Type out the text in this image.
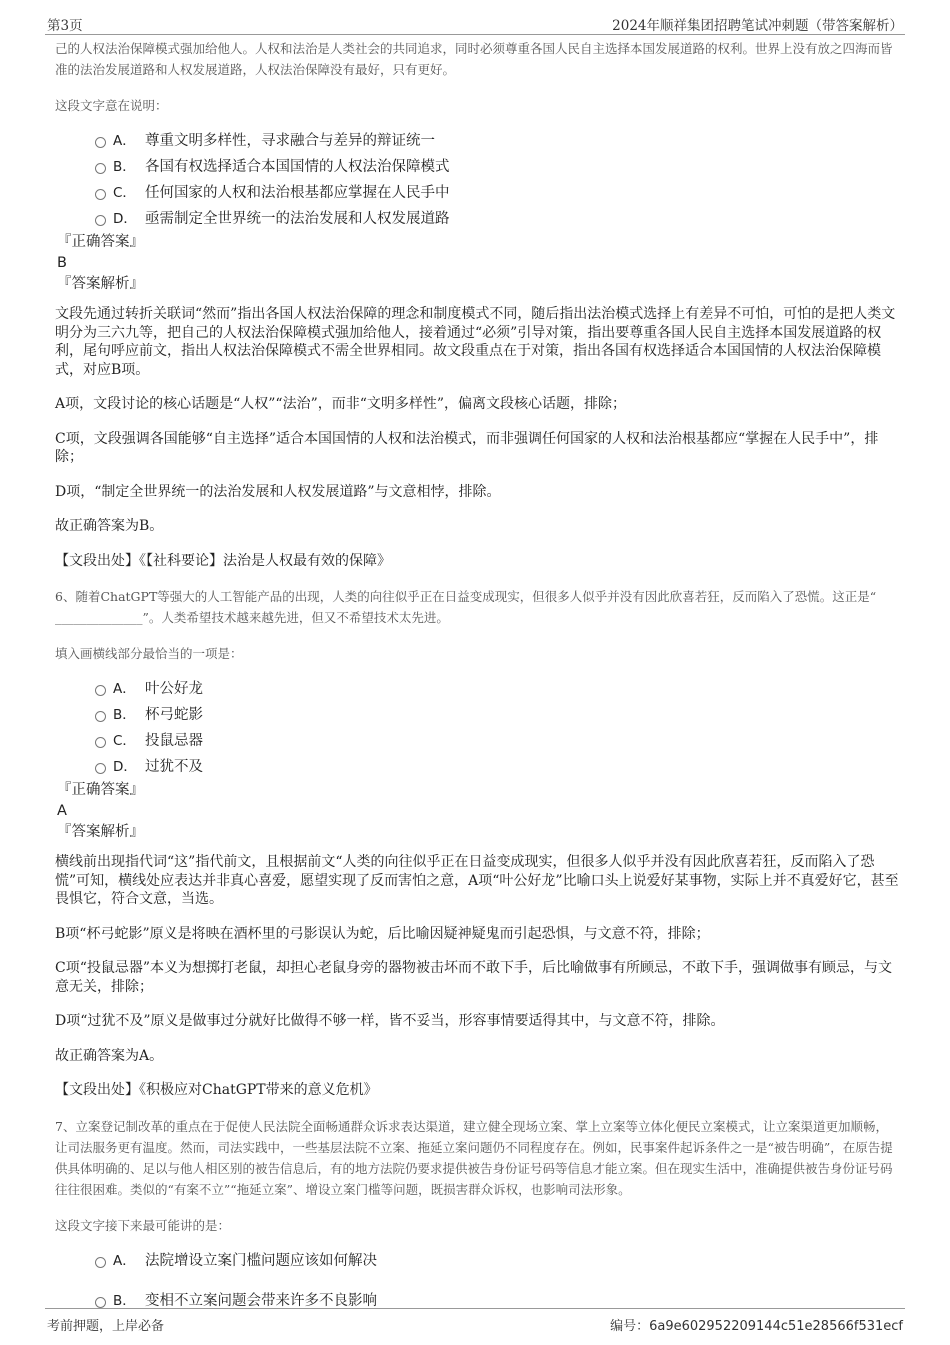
第3页	2024年顺祥集团招聘笔试冲刺题（带答案解析）

己的人权法治保障模式强加给他人。人权和法治是人类社会的共同追求，同时必须尊重各国人民自主选择本国发展道路的权利。世界上没有放之四海而皆准的法治发展道路和人权发展道路，人权法治保障没有最好，只有更好。

这段文字意在说明：

A． 尊重文明多样性，寻求融合与差异的辩证统一
B． 各国有权选择适合本国国情的人权法治保障模式
C． 任何国家的人权和法治根基都应掌握在人民手中
D． 亟需制定全世界统一的法治发展和人权发展道路

『正确答案』

B

『答案解析』

文段先通过转折关联词“然而”指出各国人权法治保障的理念和制度模式不同，随后指出法治模式选择上有差异不可怕，可怕的是把人类文明分为三六九等，把自己的人权法治保障模式强加给他人，接着通过“必须”引导对策，指出要尊重各国人民自主选择本国发展道路的权利，尾句呼应前文，指出人权法治保障模式不需全世界相同。故文段重点在于对策，指出各国有权选择适合本国国情的人权法治保障模式，对应B项。

A项，文段讨论的核心话题是“人权”“法治”，而非“文明多样性”，偏离文段核心话题，排除；

C项，文段强调各国能够“自主选择”适合本国国情的人权和法治模式，而非强调任何国家的人权和法治根基都应“掌握在人民手中”，排除；

D项，“制定全世界统一的法治发展和人权发展道路”与文意相悖，排除。

故正确答案为B。

【文段出处】《【社科要论】法治是人权最有效的保障》

6、随着ChatGPT等强大的人工智能产品的出现，人类的向往似乎正在日益变成现实，但很多人似乎并没有因此欣喜若狂，反而陷入了恐慌。这正是“ ______________”。人类希望技术越来越先进，但又不希望技术太先进。

填入画横线部分最恰当的一项是：

A． 叶公好龙
B． 杯弓蛇影
C． 投鼠忌器
D． 过犹不及

『正确答案』

A

『答案解析』

横线前出现指代词“这”指代前文，且根据前文“人类的向往似乎正在日益变成现实，但很多人似乎并没有因此欣喜若狂，反而陷入了恐慌”可知，横线处应表达并非真心喜爱，愿望实现了反而害怕之意，A项“叶公好龙”比喻口头上说爱好某事物，实际上并不真爱好它，甚至畏惧它，符合文意，当选。

B项“杯弓蛇影”原义是将映在酒杯里的弓影误认为蛇，后比喻因疑神疑鬼而引起恐惧，与文意不符，排除；

C项“投鼠忌器”本义为想掷打老鼠，却担心老鼠身旁的器物被击坏而不敢下手，后比喻做事有所顾忌，不敢下手，强调做事有顾忌，与文意无关，排除；

D项“过犹不及”原义是做事过分就好比做得不够一样，皆不妥当，形容事情要适得其中，与文意不符，排除。

故正确答案为A。

【文段出处】《积极应对ChatGPT带来的意义危机》

7、立案登记制改革的重点在于促使人民法院全面畅通群众诉求表达渠道，建立健全现场立案、掌上立案等立体化便民立案模式，让立案渠道更加顺畅，让司法服务更有温度。然而，司法实践中，一些基层法院不立案、拖延立案问题仍不同程度存在。例如，民事案件起诉条件之一是“被告明确”，在原告提供具体明确的、足以与他人相区别的被告信息后，有的地方法院仍要求提供被告身份证号码等信息才能立案。但在现实生活中，准确提供被告身份证号码往往很困难。类似的“有案不立”“拖延立案”、增设立案门槛等问题，既损害群众诉权，也影响司法形象。

这段文字接下来最可能讲的是：

A． 法院增设立案门槛问题应该如何解决
B． 变相不立案问题会带来许多不良影响
考前押题，上岸必备	编号：6a9e602952209144c51e28566f531ecf
